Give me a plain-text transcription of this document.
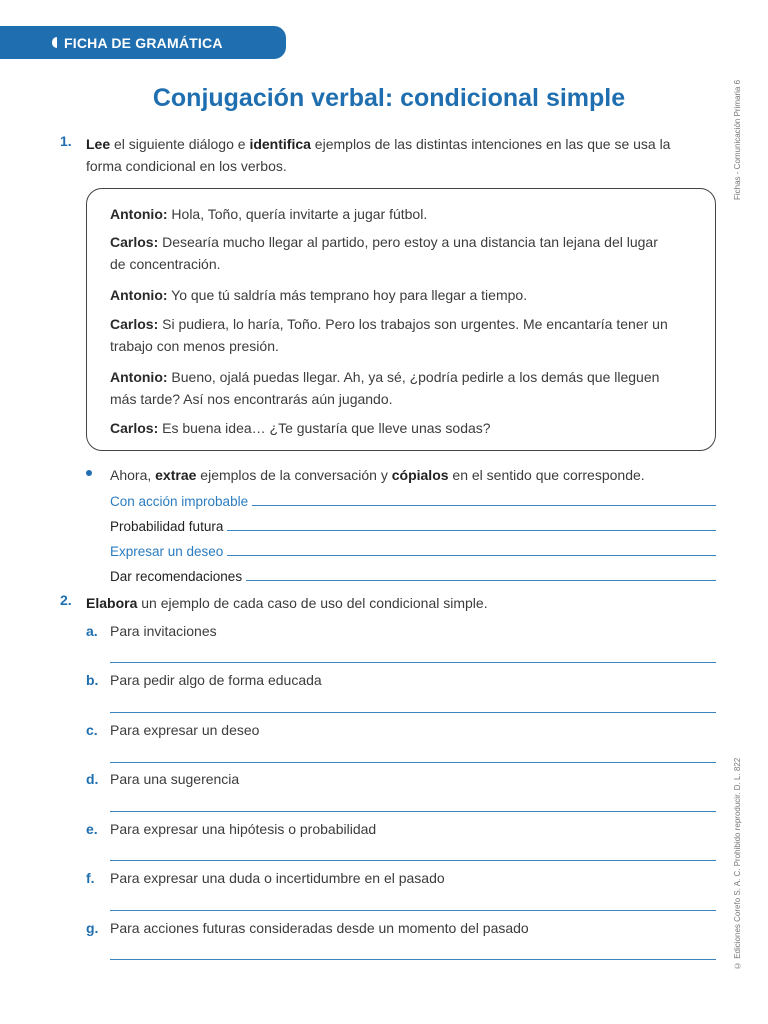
FICHA DE GRAMÁTICA
Fichas - Comunicación Primaria 6
© Ediciones Corefo S. A. C. Prohibido reproducir. D. L. 822
Conjugación verbal: condicional simple
1. Lee el siguiente diálogo e identifica ejemplos de las distintas intenciones en las que se usa la
forma condicional en los verbos.
Antonio: Hola, Toño, quería invitarte a jugar fútbol.
Carlos: Desearía mucho llegar al partido, pero estoy a una distancia tan lejana del lugar
de concentración.
Antonio: Yo que tú saldría más temprano hoy para llegar a tiempo.
Carlos: Si pudiera, lo haría, Toño. Pero los trabajos son urgentes. Me encantaría tener un
trabajo con menos presión.
Antonio: Bueno, ojalá puedas llegar. Ah, ya sé, ¿podría pedirle a los demás que lleguen
más tarde? Así nos encontrarás aún jugando.
Carlos: Es buena idea… ¿Te gustaría que lleve unas sodas?
Ahora, extrae ejemplos de la conversación y cópialos en el sentido que corresponde.
Con acción improbable
Probabilidad futura
Expresar un deseo
Dar recomendaciones
2. Elabora un ejemplo de cada caso de uso del condicional simple.
a. Para invitaciones
b. Para pedir algo de forma educada
c. Para expresar un deseo
d. Para una sugerencia
e. Para expresar una hipótesis o probabilidad
f.	Para expresar una duda o incertidumbre en el pasado
g. Para acciones futuras consideradas desde un momento del pasado
